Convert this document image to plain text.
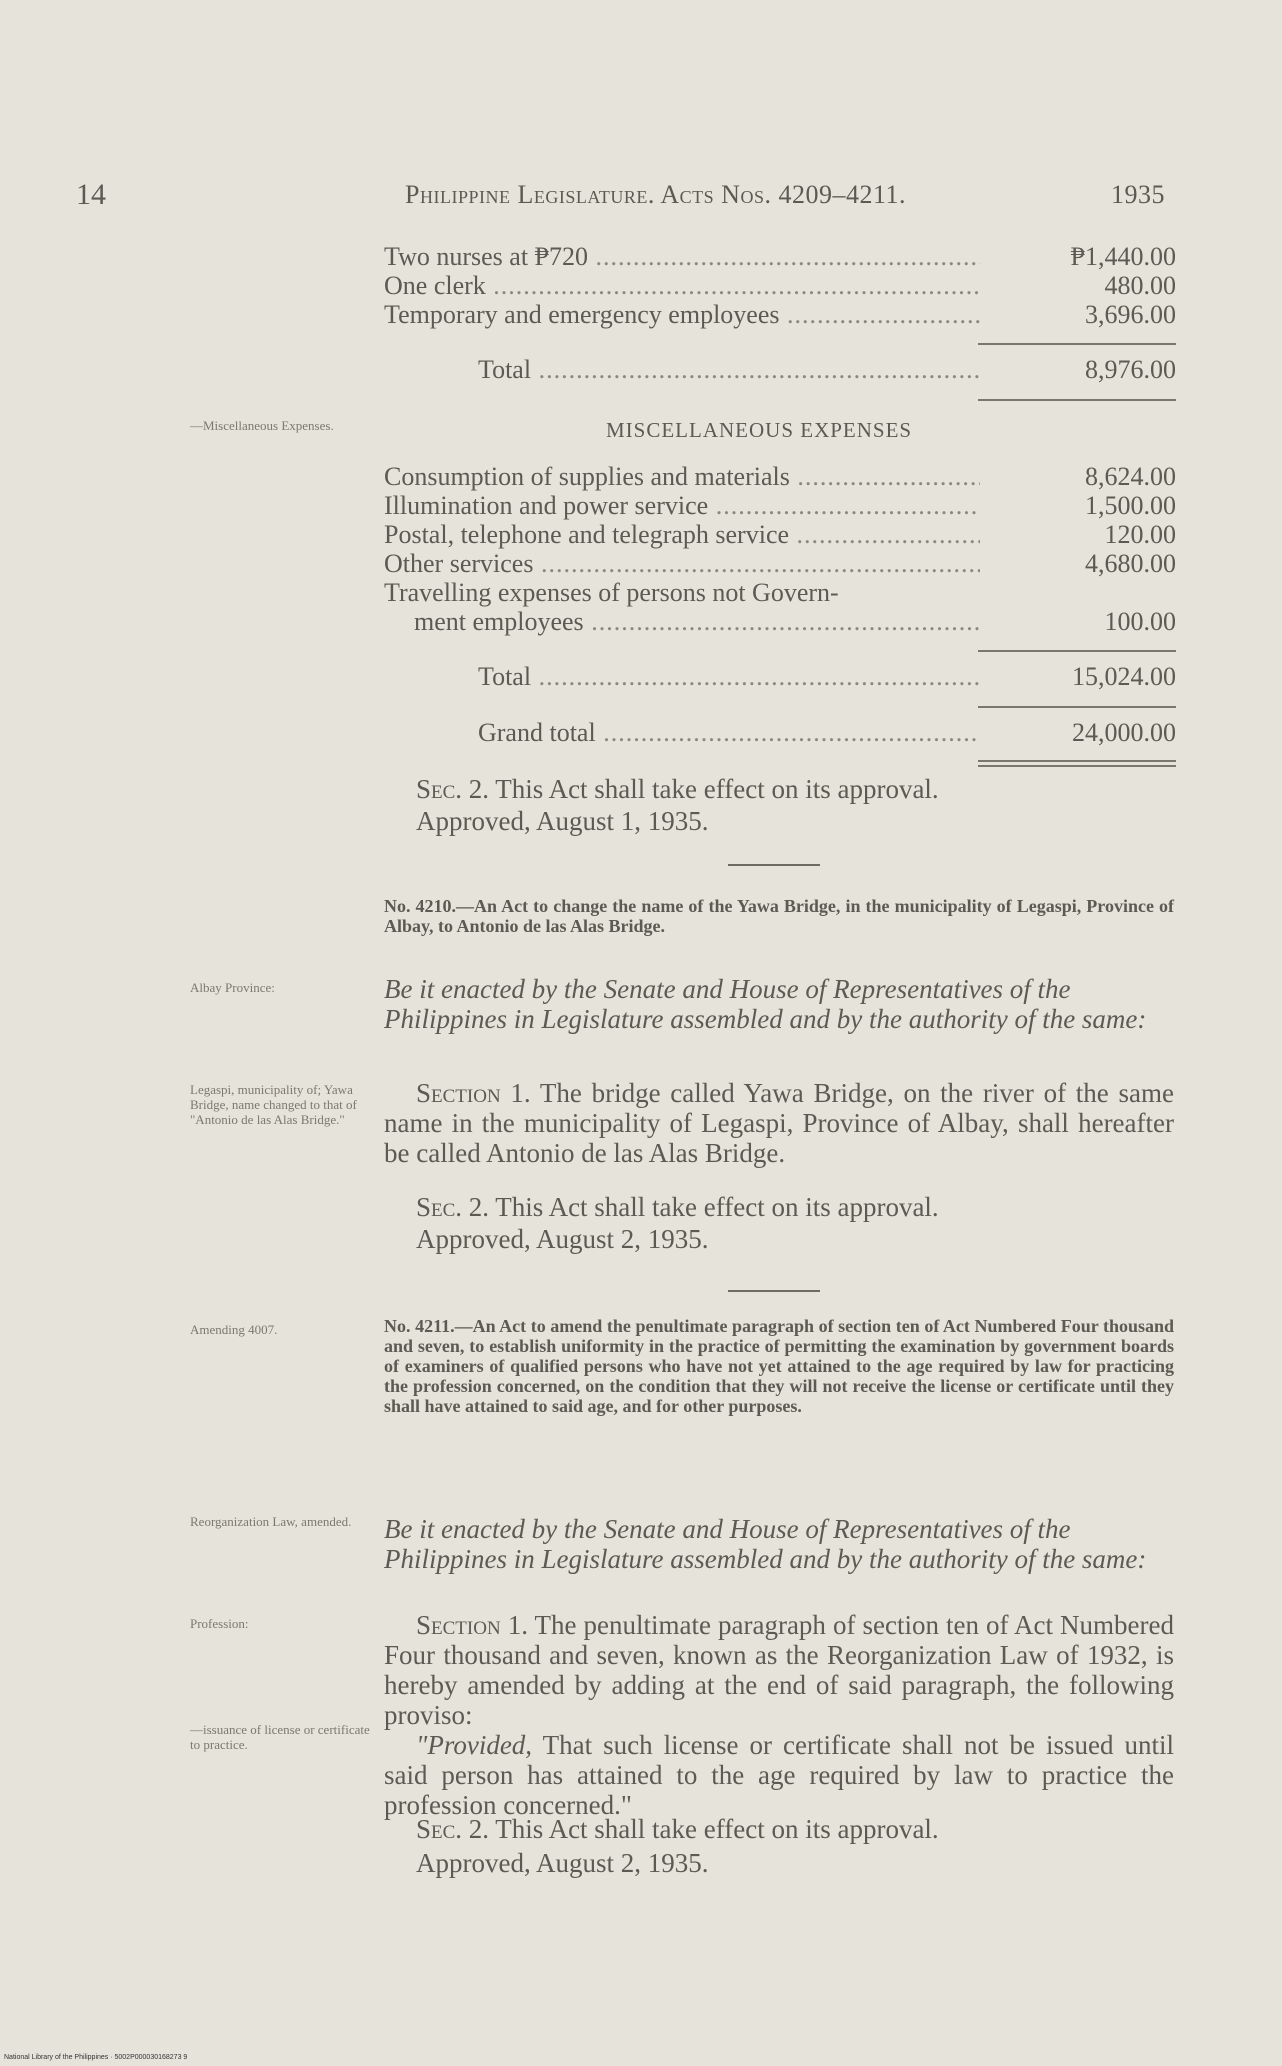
14	Philippine Legislature. Acts Nos. 4209–4211.	1935
Two nurses at ₱720 .....	₱1,440.00
One clerk .....	480.00
Temporary and emergency employees .....	3,696.00
Total .....	8,976.00
—Miscellaneous Expenses.	MISCELLANEOUS EXPENSES
Consumption of supplies and materials .....	8,624.00
Illumination and power service .....	1,500.00
Postal, telephone and telegraph service .....	120.00
Other services .....	4,680.00
Travelling expenses of persons not Govern-
ment employees .....	100.00
Total .....	15,024.00
Grand total .....	24,000.00
Sec. 2. This Act shall take effect on its approval.
Approved, August 1, 1935.
No. 4210.—An Act to change the name of the Yawa Bridge, in the municipality of Legaspi, Province of Albay, to Antonio de las Alas Bridge.
Albay Province:	Be it enacted by the Senate and House of Representatives of the Philippines in Legislature assembled and by the authority of the same:
Legaspi, municipality of; Yawa Bridge, name changed to that of "Antonio de las Alas Bridge."
Section 1. The bridge called Yawa Bridge, on the river of the same name in the municipality of Legaspi, Province of Albay, shall hereafter be called Antonio de las Alas Bridge.
Sec. 2. This Act shall take effect on its approval.
Approved, August 2, 1935.
Amending 4007.	No. 4211.—An Act to amend the penultimate paragraph of section ten of Act Numbered Four thousand and seven, to establish uniformity in the practice of permitting the examination by government boards of examiners of qualified persons who have not yet attained to the age required by law for practicing the profession concerned, on the condition that they will not receive the license or certificate until they shall have attained to said age, and for other purposes.
Reorganization Law, amended.	Be it enacted by the Senate and House of Representatives of the Philippines in Legislature assembled and by the authority of the same:
Profession:	Section 1. The penultimate paragraph of section ten of Act Numbered Four thousand and seven, known as the Reorganization Law of 1932, is hereby amended by adding at the end of said paragraph, the following proviso:
—issuance of license or certificate to practice.	"Provided, That such license or certificate shall not be issued until said person has attained to the age required by law to practice the profession concerned."
Sec. 2. This Act shall take effect on its approval.
Approved, August 2, 1935.
National Library of the Philippines · 5002P000030168273 9
